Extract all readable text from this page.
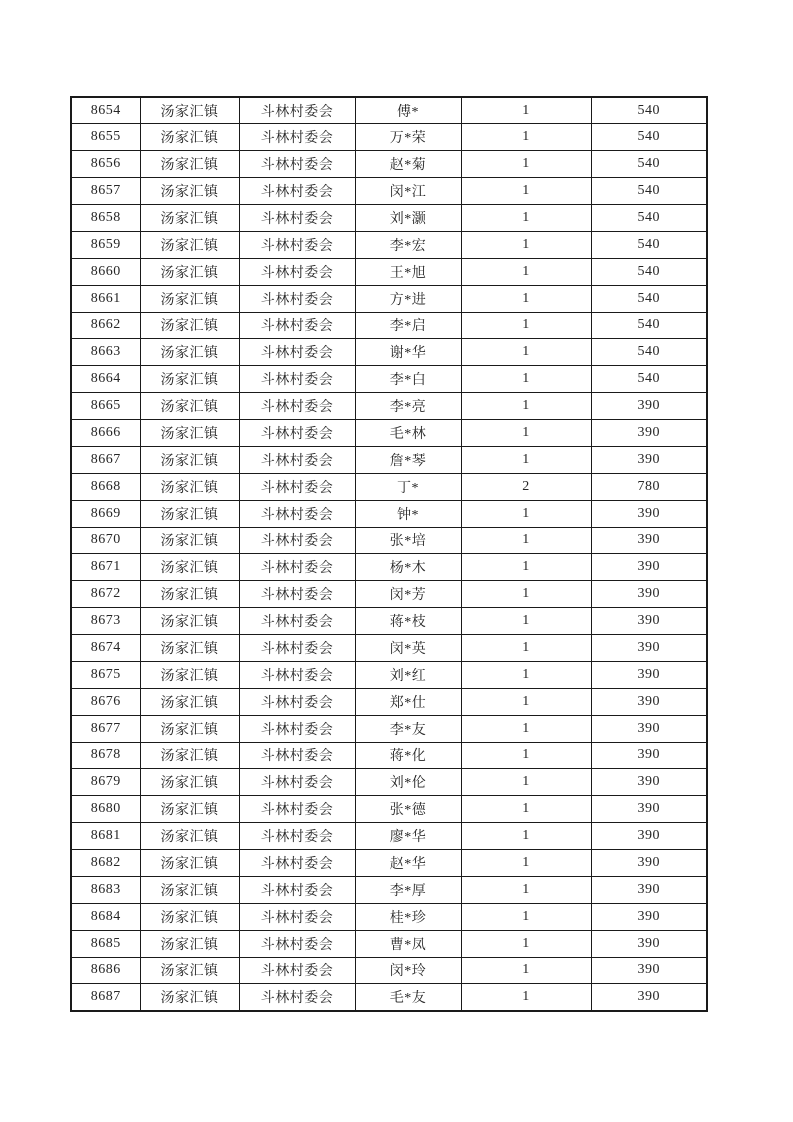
8654	汤家汇镇	斗林村委会	傅*	1	540
8655	汤家汇镇	斗林村委会	万*荣	1	540
8656	汤家汇镇	斗林村委会	赵*菊	1	540
8657	汤家汇镇	斗林村委会	闵*江	1	540
8658	汤家汇镇	斗林村委会	刘*灏	1	540
8659	汤家汇镇	斗林村委会	李*宏	1	540
8660	汤家汇镇	斗林村委会	王*旭	1	540
8661	汤家汇镇	斗林村委会	方*进	1	540
8662	汤家汇镇	斗林村委会	李*启	1	540
8663	汤家汇镇	斗林村委会	谢*华	1	540
8664	汤家汇镇	斗林村委会	李*白	1	540
8665	汤家汇镇	斗林村委会	李*亮	1	390
8666	汤家汇镇	斗林村委会	毛*林	1	390
8667	汤家汇镇	斗林村委会	詹*琴	1	390
8668	汤家汇镇	斗林村委会	丁*	2	780
8669	汤家汇镇	斗林村委会	钟*	1	390
8670	汤家汇镇	斗林村委会	张*培	1	390
8671	汤家汇镇	斗林村委会	杨*木	1	390
8672	汤家汇镇	斗林村委会	闵*芳	1	390
8673	汤家汇镇	斗林村委会	蒋*枝	1	390
8674	汤家汇镇	斗林村委会	闵*英	1	390
8675	汤家汇镇	斗林村委会	刘*红	1	390
8676	汤家汇镇	斗林村委会	郑*仕	1	390
8677	汤家汇镇	斗林村委会	李*友	1	390
8678	汤家汇镇	斗林村委会	蒋*化	1	390
8679	汤家汇镇	斗林村委会	刘*伦	1	390
8680	汤家汇镇	斗林村委会	张*德	1	390
8681	汤家汇镇	斗林村委会	廖*华	1	390
8682	汤家汇镇	斗林村委会	赵*华	1	390
8683	汤家汇镇	斗林村委会	李*厚	1	390
8684	汤家汇镇	斗林村委会	桂*珍	1	390
8685	汤家汇镇	斗林村委会	曹*凤	1	390
8686	汤家汇镇	斗林村委会	闵*玲	1	390
8687	汤家汇镇	斗林村委会	毛*友	1	390
